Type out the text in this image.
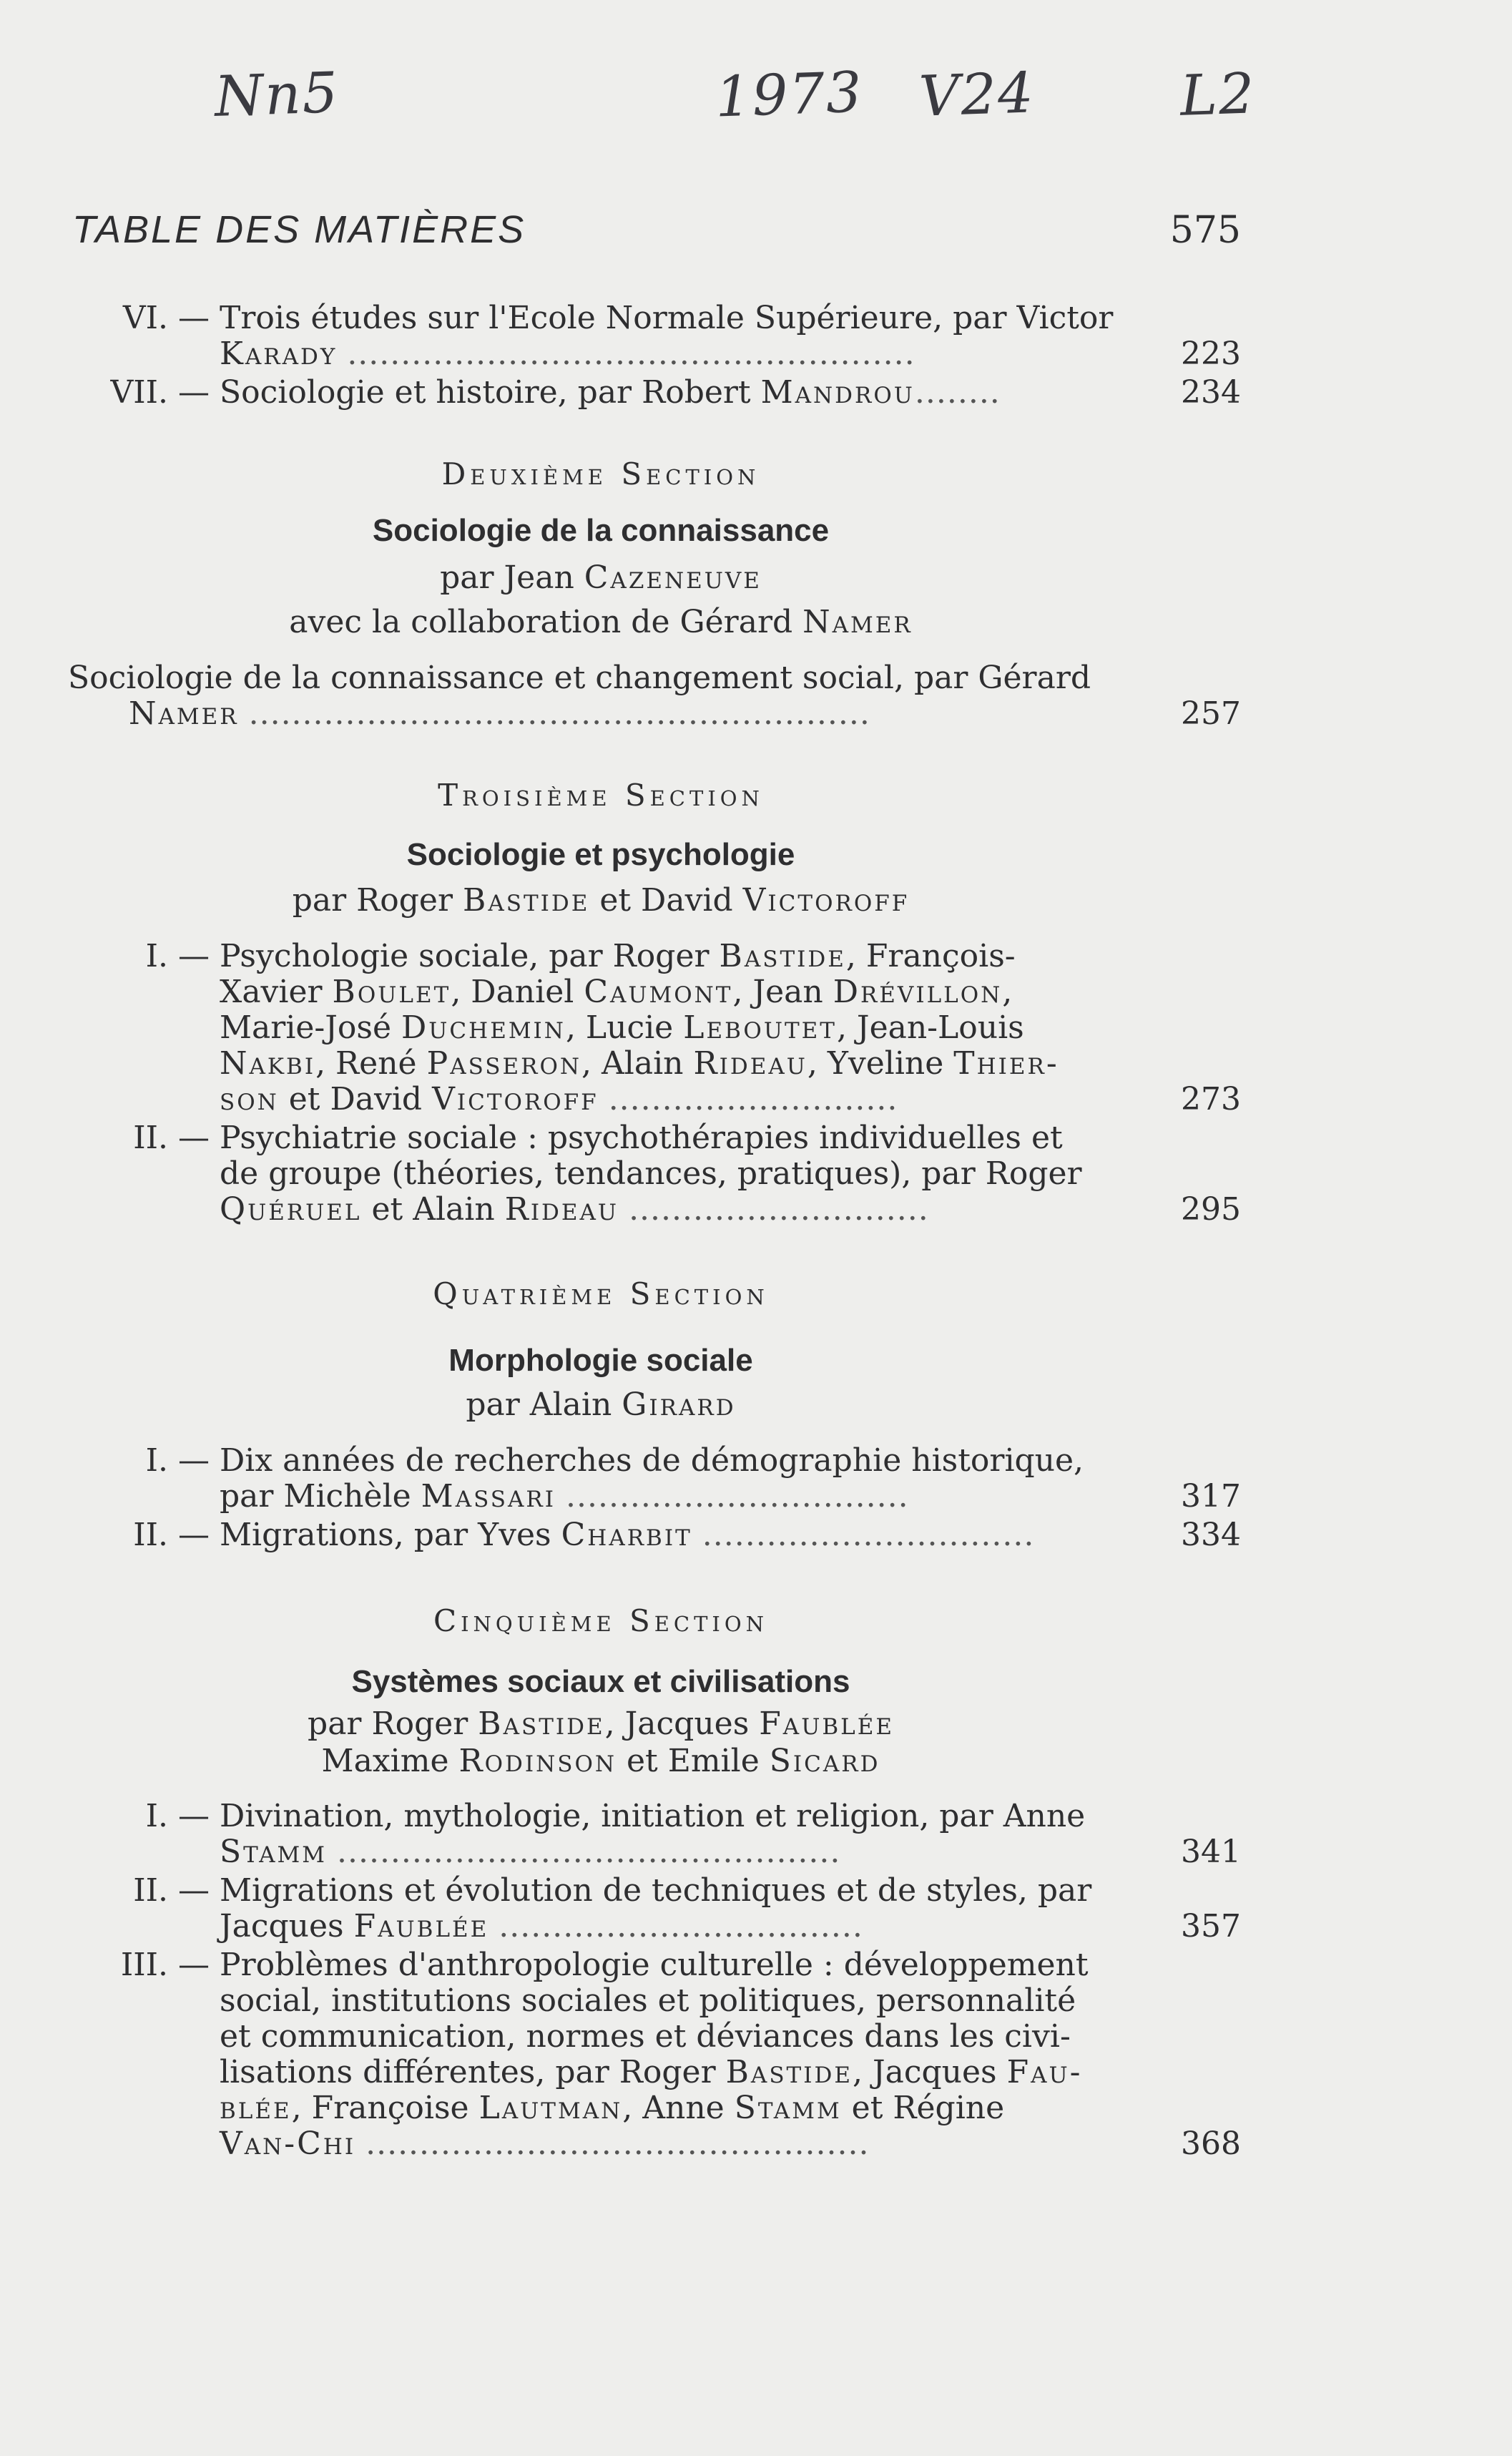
Nn5	1973 V24	L2
TABLE DES MATIÈRES	575
VI. — Trois études sur l'Ecole Normale Supérieure, par Victor
Karady .....................................................	223
VII. — Sociologie et histoire, par Robert Mandrou........	234
Deuxième Section
Sociologie de la connaissance
par Jean Cazeneuve
avec la collaboration de Gérard Namer
Sociologie de la connaissance et changement social, par Gérard
Namer ..........................................................	257
Troisième Section
Sociologie et psychologie
par Roger Bastide et David Victoroff
I. — Psychologie sociale, par Roger Bastide, François-
Xavier Boulet, Daniel Caumont, Jean Drévillon,
Marie-José Duchemin, Lucie Leboutet, Jean-Louis
Nakbi, René Passeron, Alain Rideau, Yveline Thier-
son et David Victoroff ...........................	273
II. — Psychiatrie sociale : psychothérapies individuelles et
de groupe (théories, tendances, pratiques), par Roger
Quéruel et Alain Rideau ............................	295
Quatrième Section
Morphologie sociale
par Alain Girard
I. — Dix années de recherches de démographie historique,
par Michèle Massari ................................	317
II. — Migrations, par Yves Charbit ...............................	334
Cinquième Section
Systèmes sociaux et civilisations
par Roger Bastide, Jacques Faublée
Maxime Rodinson et Emile Sicard
I. — Divination, mythologie, initiation et religion, par Anne
Stamm ...............................................	341
II. — Migrations et évolution de techniques et de styles, par
Jacques Faublée ..................................	357
III. — Problèmes d'anthropologie culturelle : développement
social, institutions sociales et politiques, personnalité
et communication, normes et déviances dans les civi-
lisations différentes, par Roger Bastide, Jacques Fau-
blée, Françoise Lautman, Anne Stamm et Régine
Van-Chi ...............................................	368
